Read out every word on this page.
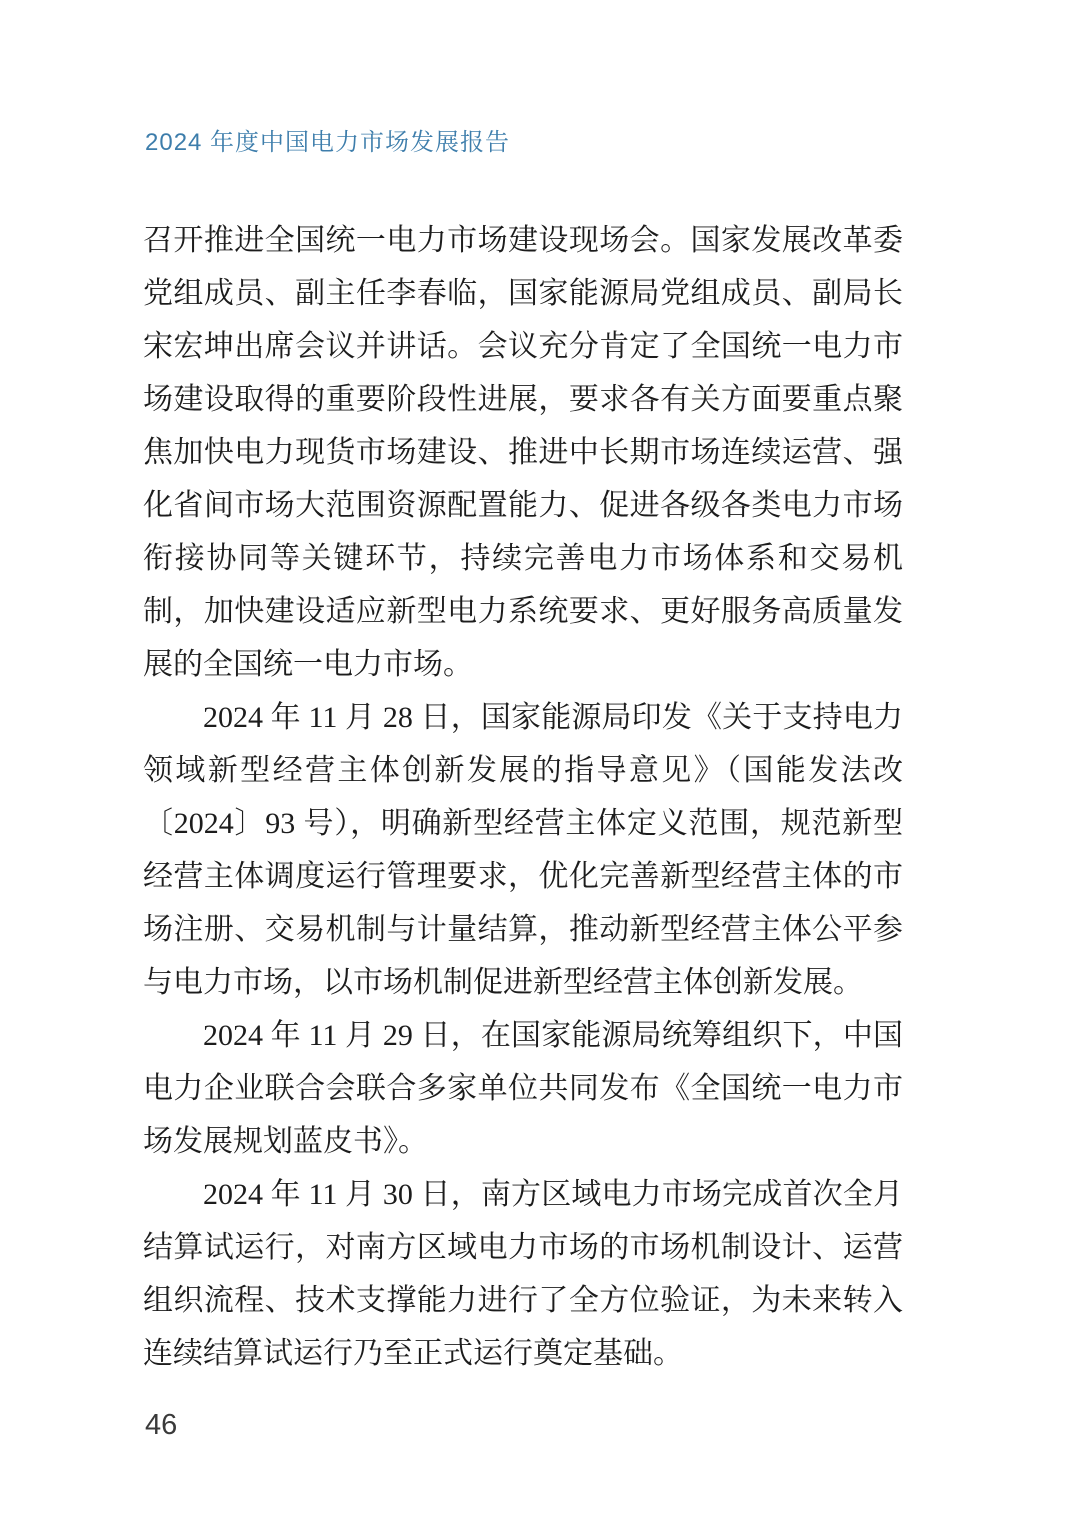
2024 年度中国电力市场发展报告

召开推进全国统一电力市场建设现场会。国家发展改革委党组成员、副主任李春临，国家能源局党组成员、副局长宋宏坤出席会议并讲话。会议充分肯定了全国统一电力市场建设取得的重要阶段性进展，要求各有关方面要重点聚焦加快电力现货市场建设、推进中长期市场连续运营、强化省间市场大范围资源配置能力、促进各级各类电力市场衔接协同等关键环节，持续完善电力市场体系和交易机制，加快建设适应新型电力系统要求、更好服务高质量发展的全国统一电力市场。

2024 年 11 月 28 日，国家能源局印发《关于支持电力领域新型经营主体创新发展的指导意见》（国能发法改〔2024〕93 号），明确新型经营主体定义范围，规范新型经营主体调度运行管理要求，优化完善新型经营主体的市场注册、交易机制与计量结算，推动新型经营主体公平参与电力市场，以市场机制促进新型经营主体创新发展。

2024 年 11 月 29 日，在国家能源局统筹组织下，中国电力企业联合会联合多家单位共同发布《全国统一电力市场发展规划蓝皮书》。

2024 年 11 月 30 日，南方区域电力市场完成首次全月结算试运行，对南方区域电力市场的市场机制设计、运营组织流程、技术支撑能力进行了全方位验证，为未来转入连续结算试运行乃至正式运行奠定基础。

46
